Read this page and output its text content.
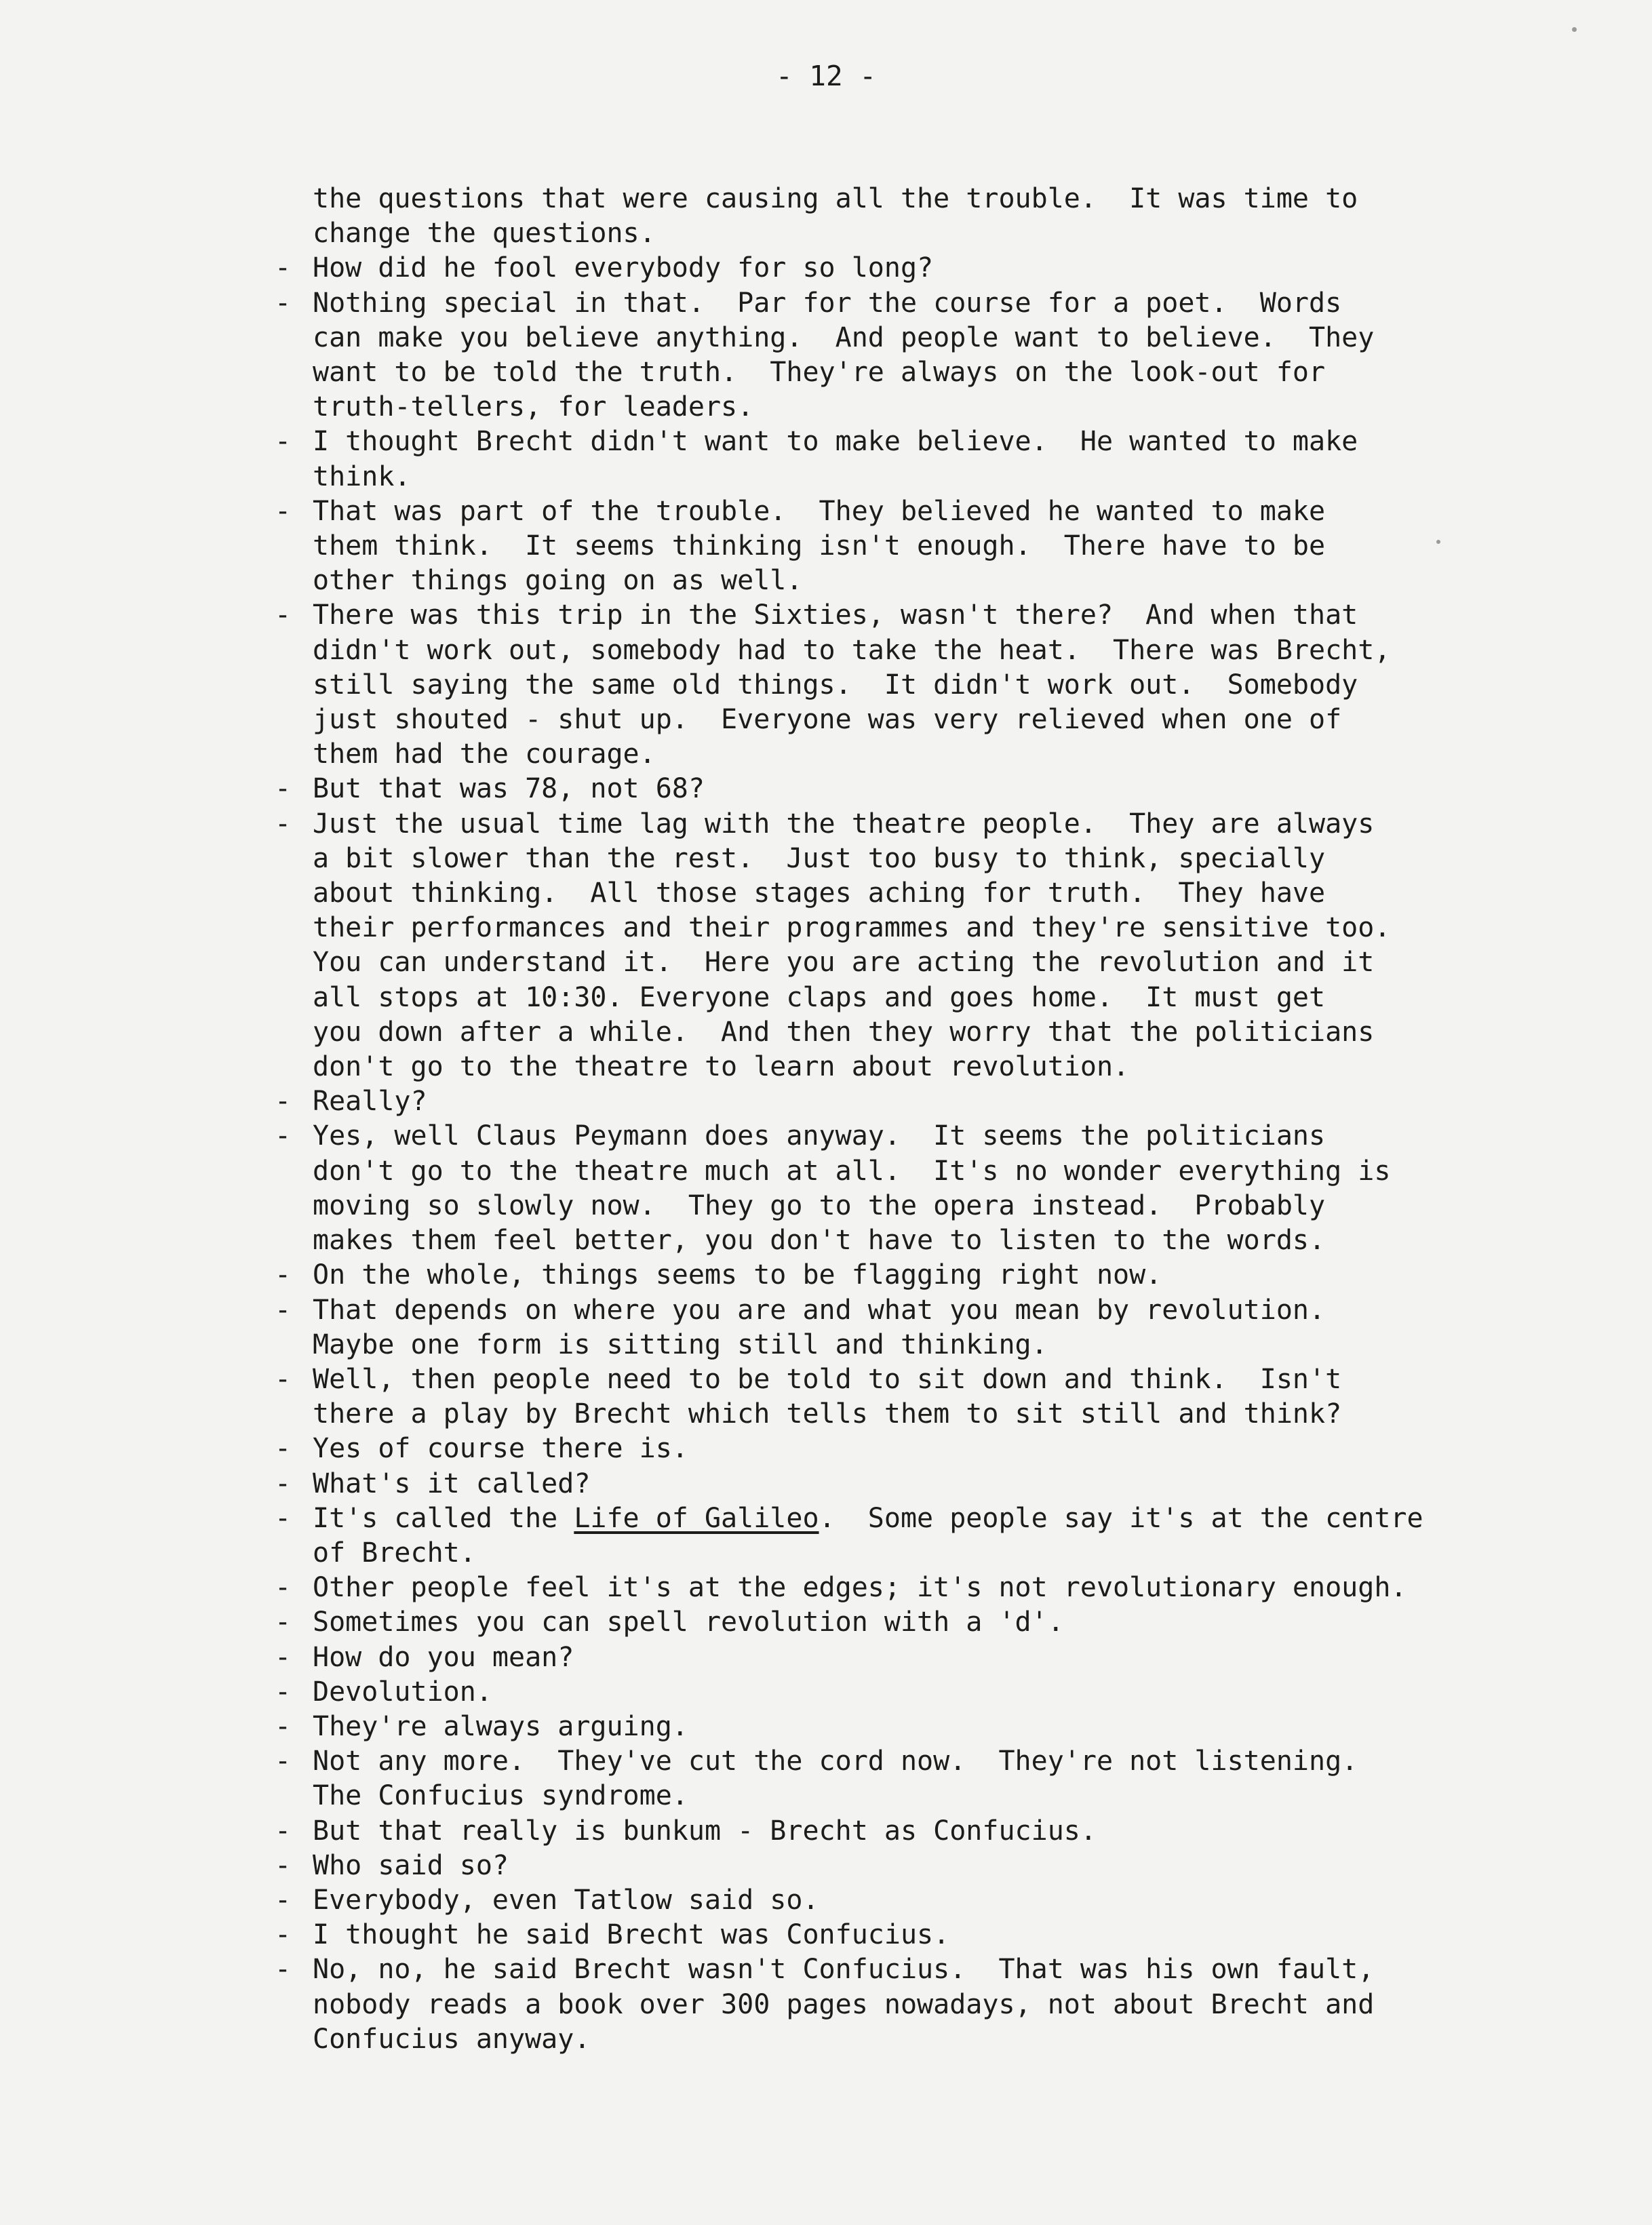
- 12 -
the questions that were causing all the trouble.  It was time to
change the questions.
- How did he fool everybody for so long?
- Nothing special in that.  Par for the course for a poet.  Words
can make you believe anything.  And people want to believe.  They
want to be told the truth.  They're always on the look-out for
truth-tellers, for leaders.
- I thought Brecht didn't want to make believe.  He wanted to make
think.
- That was part of the trouble.  They believed he wanted to make
them think.  It seems thinking isn't enough.  There have to be
other things going on as well.
- There was this trip in the Sixties, wasn't there?  And when that
didn't work out, somebody had to take the heat.  There was Brecht,
still saying the same old things.  It didn't work out.  Somebody
just shouted - shut up.  Everyone was very relieved when one of
them had the courage.
- But that was 78, not 68?
- Just the usual time lag with the theatre people.  They are always
a bit slower than the rest.  Just too busy to think, specially
about thinking.  All those stages aching for truth.  They have
their performances and their programmes and they're sensitive too.
You can understand it.  Here you are acting the revolution and it
all stops at 10:30. Everyone claps and goes home.  It must get
you down after a while.  And then they worry that the politicians
don't go to the theatre to learn about revolution.
- Really?
- Yes, well Claus Peymann does anyway.  It seems the politicians
don't go to the theatre much at all.  It's no wonder everything is
moving so slowly now.  They go to the opera instead.  Probably
makes them feel better, you don't have to listen to the words.
- On the whole, things seems to be flagging right now.
- That depends on where you are and what you mean by revolution.
Maybe one form is sitting still and thinking.
- Well, then people need to be told to sit down and think.  Isn't
there a play by Brecht which tells them to sit still and think?
- Yes of course there is.
- What's it called?
- It's called the Life of Galileo.  Some people say it's at the centre
of Brecht.
- Other people feel it's at the edges; it's not revolutionary enough.
- Sometimes you can spell revolution with a 'd'.
- How do you mean?
- Devolution.
- They're always arguing.
- Not any more.  They've cut the cord now.  They're not listening.
The Confucius syndrome.
- But that really is bunkum - Brecht as Confucius.
- Who said so?
- Everybody, even Tatlow said so.
- I thought he said Brecht was Confucius.
- No, no, he said Brecht wasn't Confucius.  That was his own fault,
nobody reads a book over 300 pages nowadays, not about Brecht and
Confucius anyway.
